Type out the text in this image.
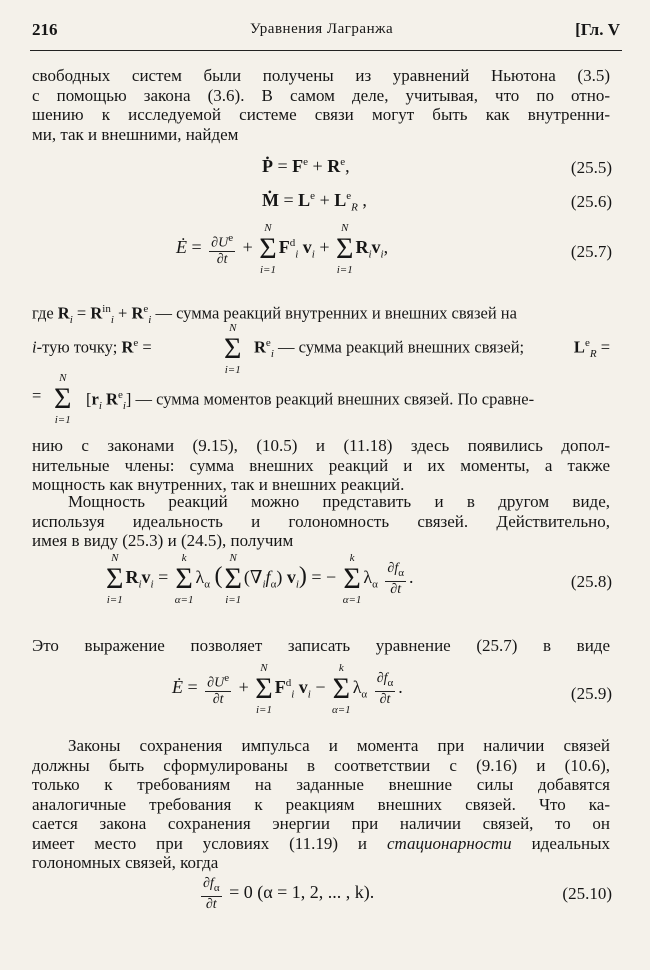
216	Уравнения Лагранжа	[Гл. V
свободных систем были получены из уравнений Ньютона (3.5)
с помощью закона (3.6). В самом деле, учитывая, что по отно-
шению к исследуемой системе связи могут быть как внутренни-
ми, так и внешними, найдем
Ṗ = $F^e + R^e$,	(25.5)
Ṁ = $L^e + L^e_R$ ,	(25.6)
Ė = $\frac{\partial U^e}{\partial t}$ +
N
Σ
i=1
$F^d_i$ $v_i$ +
N
Σ
i=1
$R_iv_i$,	(25.7)
где $R_i = R^{in}_i + R^e_i$ — сумма реакций внутренних и внешних связей на
i-тую точку; $R^e$ =
N
Σ
i=1
$R^e_i$ — сумма реакций внешних связей;	$L^e_R$ =
=
N
Σ
i=1
[$r_i$ $R^e_i$] — сумма моментов реакций внешних связей. По сравне-
нию с законами (9.15), (10.5) и (11.18) здесь появились допол-
нительные члены: сумма внешних реакций и их моменты, а также
мощность как внутренних, так и внешних реакций.
Мощность реакций можно представить и в другом виде,
используя идеальность и голономность связей. Действительно,
имея в виду (25.3) и (24.5), получим
N
Σ
i=1
$R_iv_i$ =
k
Σ
α=1
$\lambda_\alpha$ (
N
Σ
i=1
$(\nabla_if_\alpha) v_i$) = −
k
Σ
α=1
$\lambda_\alpha \frac{\partial f_\alpha}{\partial t}$ .	(25.8)
Это выражение позволяет записать уравнение (25.7) в виде
Ė = $\frac{\partial U^e}{\partial t}$ +
N
Σ
i=1
$F^d_i$ $v_i$ −
k
Σ
α=1
$\lambda_\alpha \frac{\partial f_\alpha}{\partial t}$ .	(25.9)
Законы сохранения импульса и момента при наличии связей
должны быть сформулированы в соответствии с (9.16) и (10.6),
только к требованиям на заданные внешние силы добавятся
аналогичные требования к реакциям внешних связей. Что ка-
сается закона сохранения энергии при наличии связей, то он
имеет место при условиях (11.19) и стационарности идеальных
голономных связей, когда
$\frac{\partial f_\alpha}{\partial t} = 0$ (α = 1, 2, ... , k).	(25.10)
